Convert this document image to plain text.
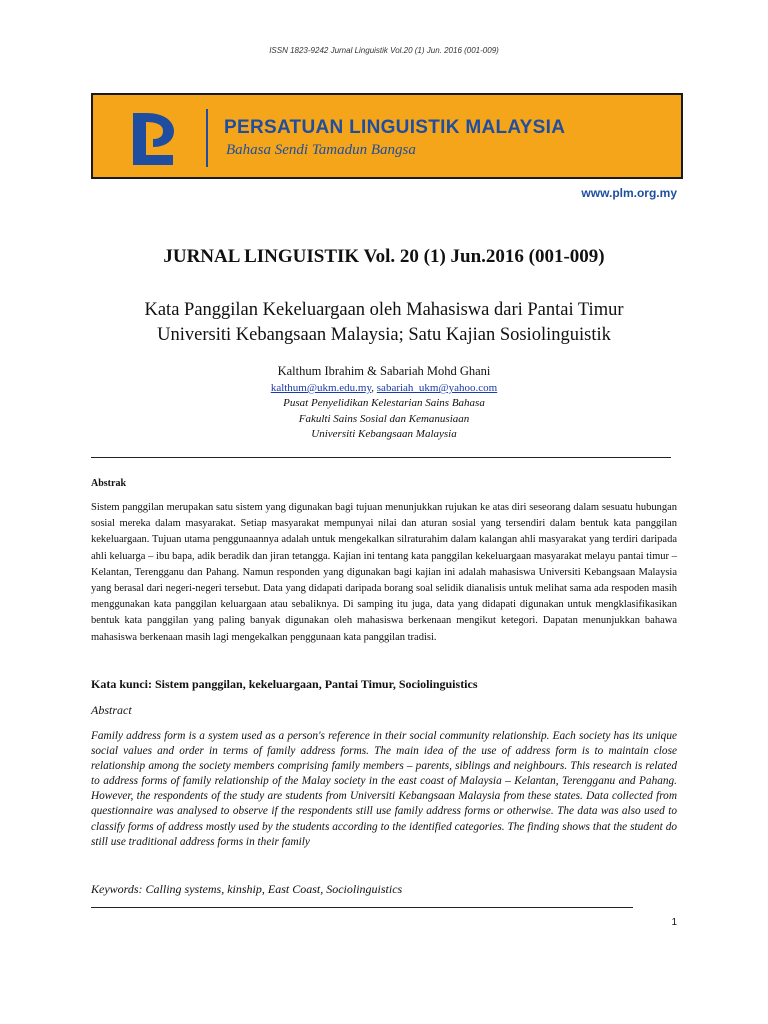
ISSN 1823-9242 Jurnal Linguistik Vol.20 (1) Jun. 2016 (001-009)
PERSATUAN LINGUISTIK MALAYSIA
Bahasa Sendi Tamadun Bangsa
www.plm.org.my
JURNAL LINGUISTIK Vol. 20 (1) Jun.2016 (001-009)
Kata Panggilan Kekeluargaan oleh Mahasiswa dari Pantai Timur
Universiti Kebangsaan Malaysia; Satu Kajian Sosiolinguistik
Kalthum Ibrahim & Sabariah Mohd Ghani
kalthum@ukm.edu.my, sabariah_ukm@yahoo.com
Pusat Penyelidikan Kelestarian Sains Bahasa
Fakulti Sains Sosial dan Kemanusiaan
Universiti Kebangsaan Malaysia
Abstrak
Sistem panggilan merupakan satu sistem yang digunakan bagi tujuan menunjukkan rujukan ke atas diri seseorang dalam sesuatu hubungan sosial mereka dalam masyarakat. Setiap masyarakat mempunyai nilai dan aturan sosial yang tersendiri dalam bentuk kata panggilan kekeluargaan. Tujuan utama penggunaannya adalah untuk mengekalkan silraturahim dalam kalangan ahli masyarakat yang terdiri daripada ahli keluarga – ibu bapa, adik beradik dan jiran tetangga. Kajian ini tentang kata panggilan kekeluargaan masyarakat melayu pantai timur – Kelantan, Terengganu dan Pahang. Namun responden yang digunakan bagi kajian ini adalah mahasiswa Universiti Kebangsaan Malaysia yang berasal dari negeri-negeri tersebut. Data yang didapati daripada borang soal selidik dianalisis untuk melihat sama ada respoden masih menggunakan kata panggilan keluargaan atau sebaliknya. Di samping itu juga, data yang didapati digunakan untuk mengklasifikasikan bentuk kata panggilan yang paling banyak digunakan oleh mahasiswa berkenaan mengikut ketegori. Dapatan menunjukkan bahawa mahasiswa berkenaan masih lagi mengekalkan penggunaan kata panggilan tradisi.
Kata kunci: Sistem panggilan, kekeluargaan, Pantai Timur, Sociolinguistics
Abstract
Family address form is a system used as a person's reference in their social community relationship. Each society has its unique social values and order in terms of family address forms. The main idea of the use of address form is to maintain close relationship among the society members comprising family members – parents, siblings and neighbours. This research is related to address forms of family relationship of the Malay society in the east coast of Malaysia – Kelantan, Terengganu and Pahang. However, the respondents of the study are students from Universiti Kebangsaan Malaysia from these states. Data collected from questionnaire was analysed to observe if the respondents still use family address forms or otherwise. The data was also used to classify forms of address mostly used by the students according to the identified categories. The finding shows that the student do still use traditional address forms in their family
Keywords: Calling systems, kinship, East Coast, Sociolinguistics
1
